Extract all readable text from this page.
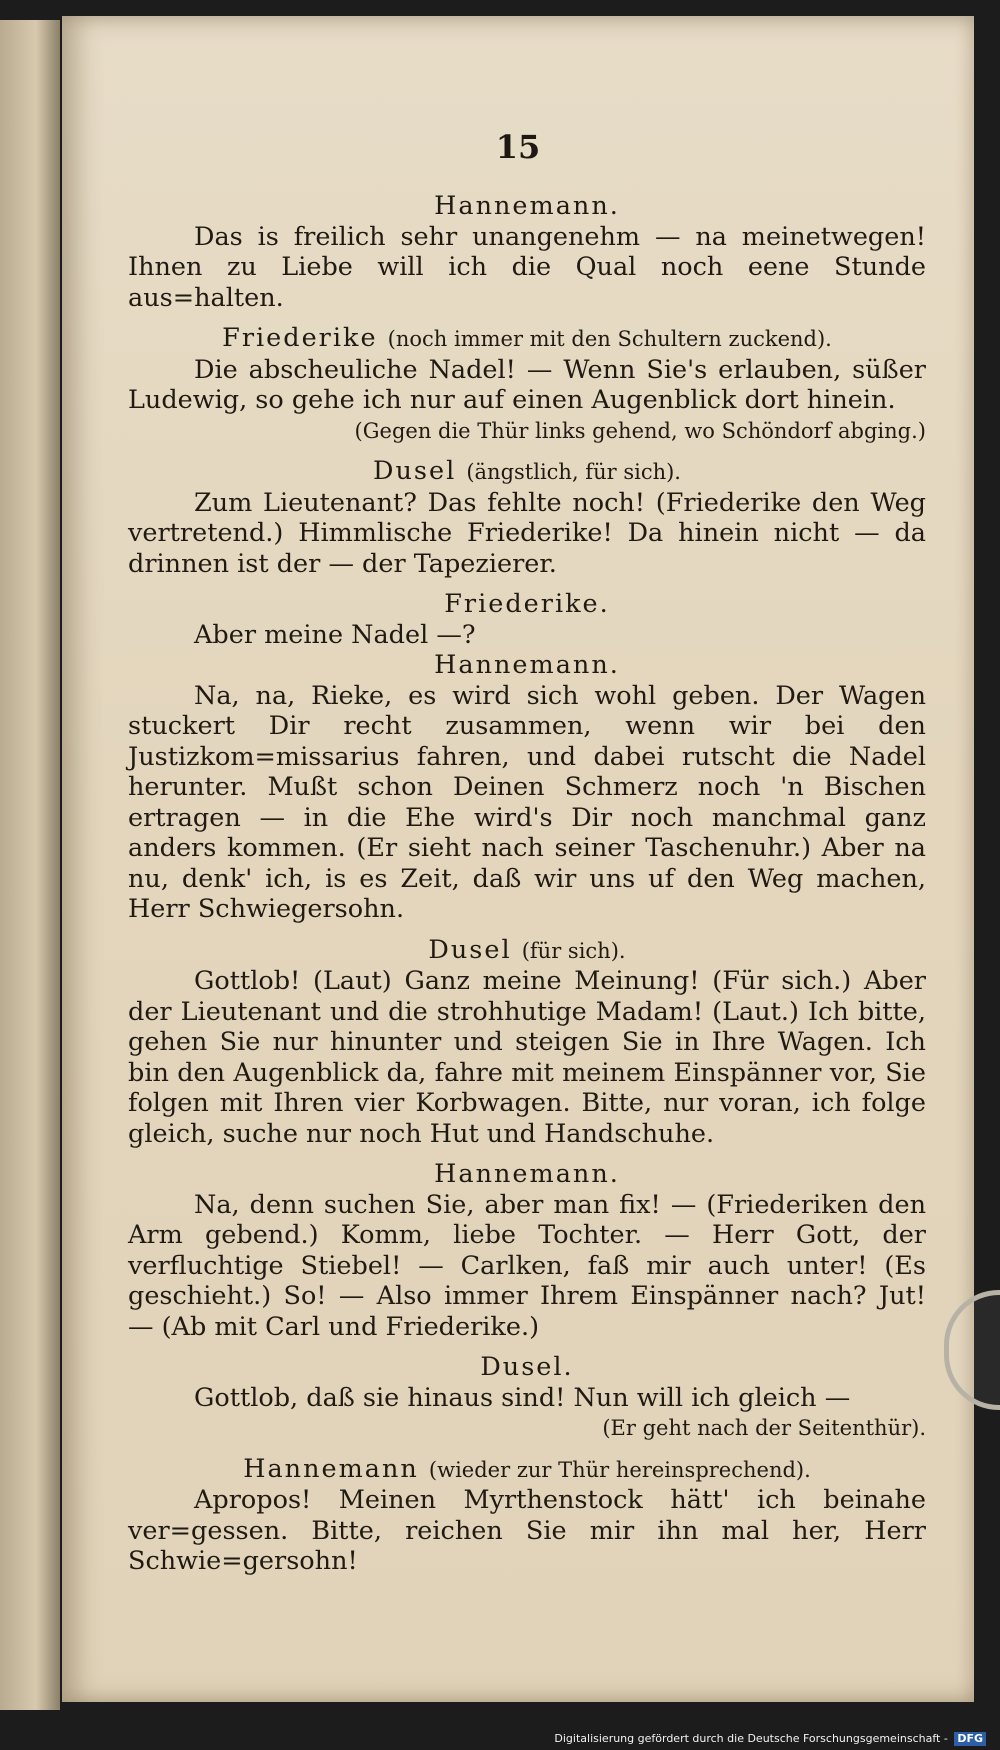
15

Hannemann.

Das is freilich sehr unangenehm — na meinetwegen! Ihnen zu Liebe will ich die Qual noch eene Stunde aus=halten.

Friederike (noch immer mit den Schultern zuckend).

Die abscheuliche Nadel! — Wenn Sie's erlauben, süßer Ludewig, so gehe ich nur auf einen Augenblick dort hinein.

(Gegen die Thür links gehend, wo Schöndorf abging.)

Dusel (ängstlich, für sich).

Zum Lieutenant? Das fehlte noch! (Friederike den Weg vertretend.) Himmlische Friederike! Da hinein nicht — da drinnen ist der — der Tapezierer.

Friederike.

Aber meine Nadel —?

Hannemann.

Na, na, Rieke, es wird sich wohl geben. Der Wagen stuckert Dir recht zusammen, wenn wir bei den Justizkom=missarius fahren, und dabei rutscht die Nadel herunter. Mußt schon Deinen Schmerz noch 'n Bischen ertragen — in die Ehe wird's Dir noch manchmal ganz anders kommen. (Er sieht nach seiner Taschenuhr.) Aber na nu, denk' ich, is es Zeit, daß wir uns uf den Weg machen, Herr Schwiegersohn.

Dusel (für sich).

Gottlob! (Laut) Ganz meine Meinung! (Für sich.) Aber der Lieutenant und die strohhutige Madam! (Laut.) Ich bitte, gehen Sie nur hinunter und steigen Sie in Ihre Wagen. Ich bin den Augenblick da, fahre mit meinem Einspänner vor, Sie folgen mit Ihren vier Korbwagen. Bitte, nur voran, ich folge gleich, suche nur noch Hut und Handschuhe.

Hannemann.

Na, denn suchen Sie, aber man fix! — (Friederiken den Arm gebend.) Komm, liebe Tochter. — Herr Gott, der verfluchtige Stiebel! — Carlken, faß mir auch unter! (Es geschieht.) So! — Also immer Ihrem Einspänner nach? Jut! — (Ab mit Carl und Friederike.)

Dusel.

Gottlob, daß sie hinaus sind! Nun will ich gleich —

(Er geht nach der Seitenthür).

Hannemann (wieder zur Thür hereinsprechend).

Apropos! Meinen Myrthenstock hätt' ich beinahe ver=gessen. Bitte, reichen Sie mir ihn mal her, Herr Schwie=gersohn!

Digitalisierung gefördert durch die Deutsche Forschungsgemeinschaft - DFG
